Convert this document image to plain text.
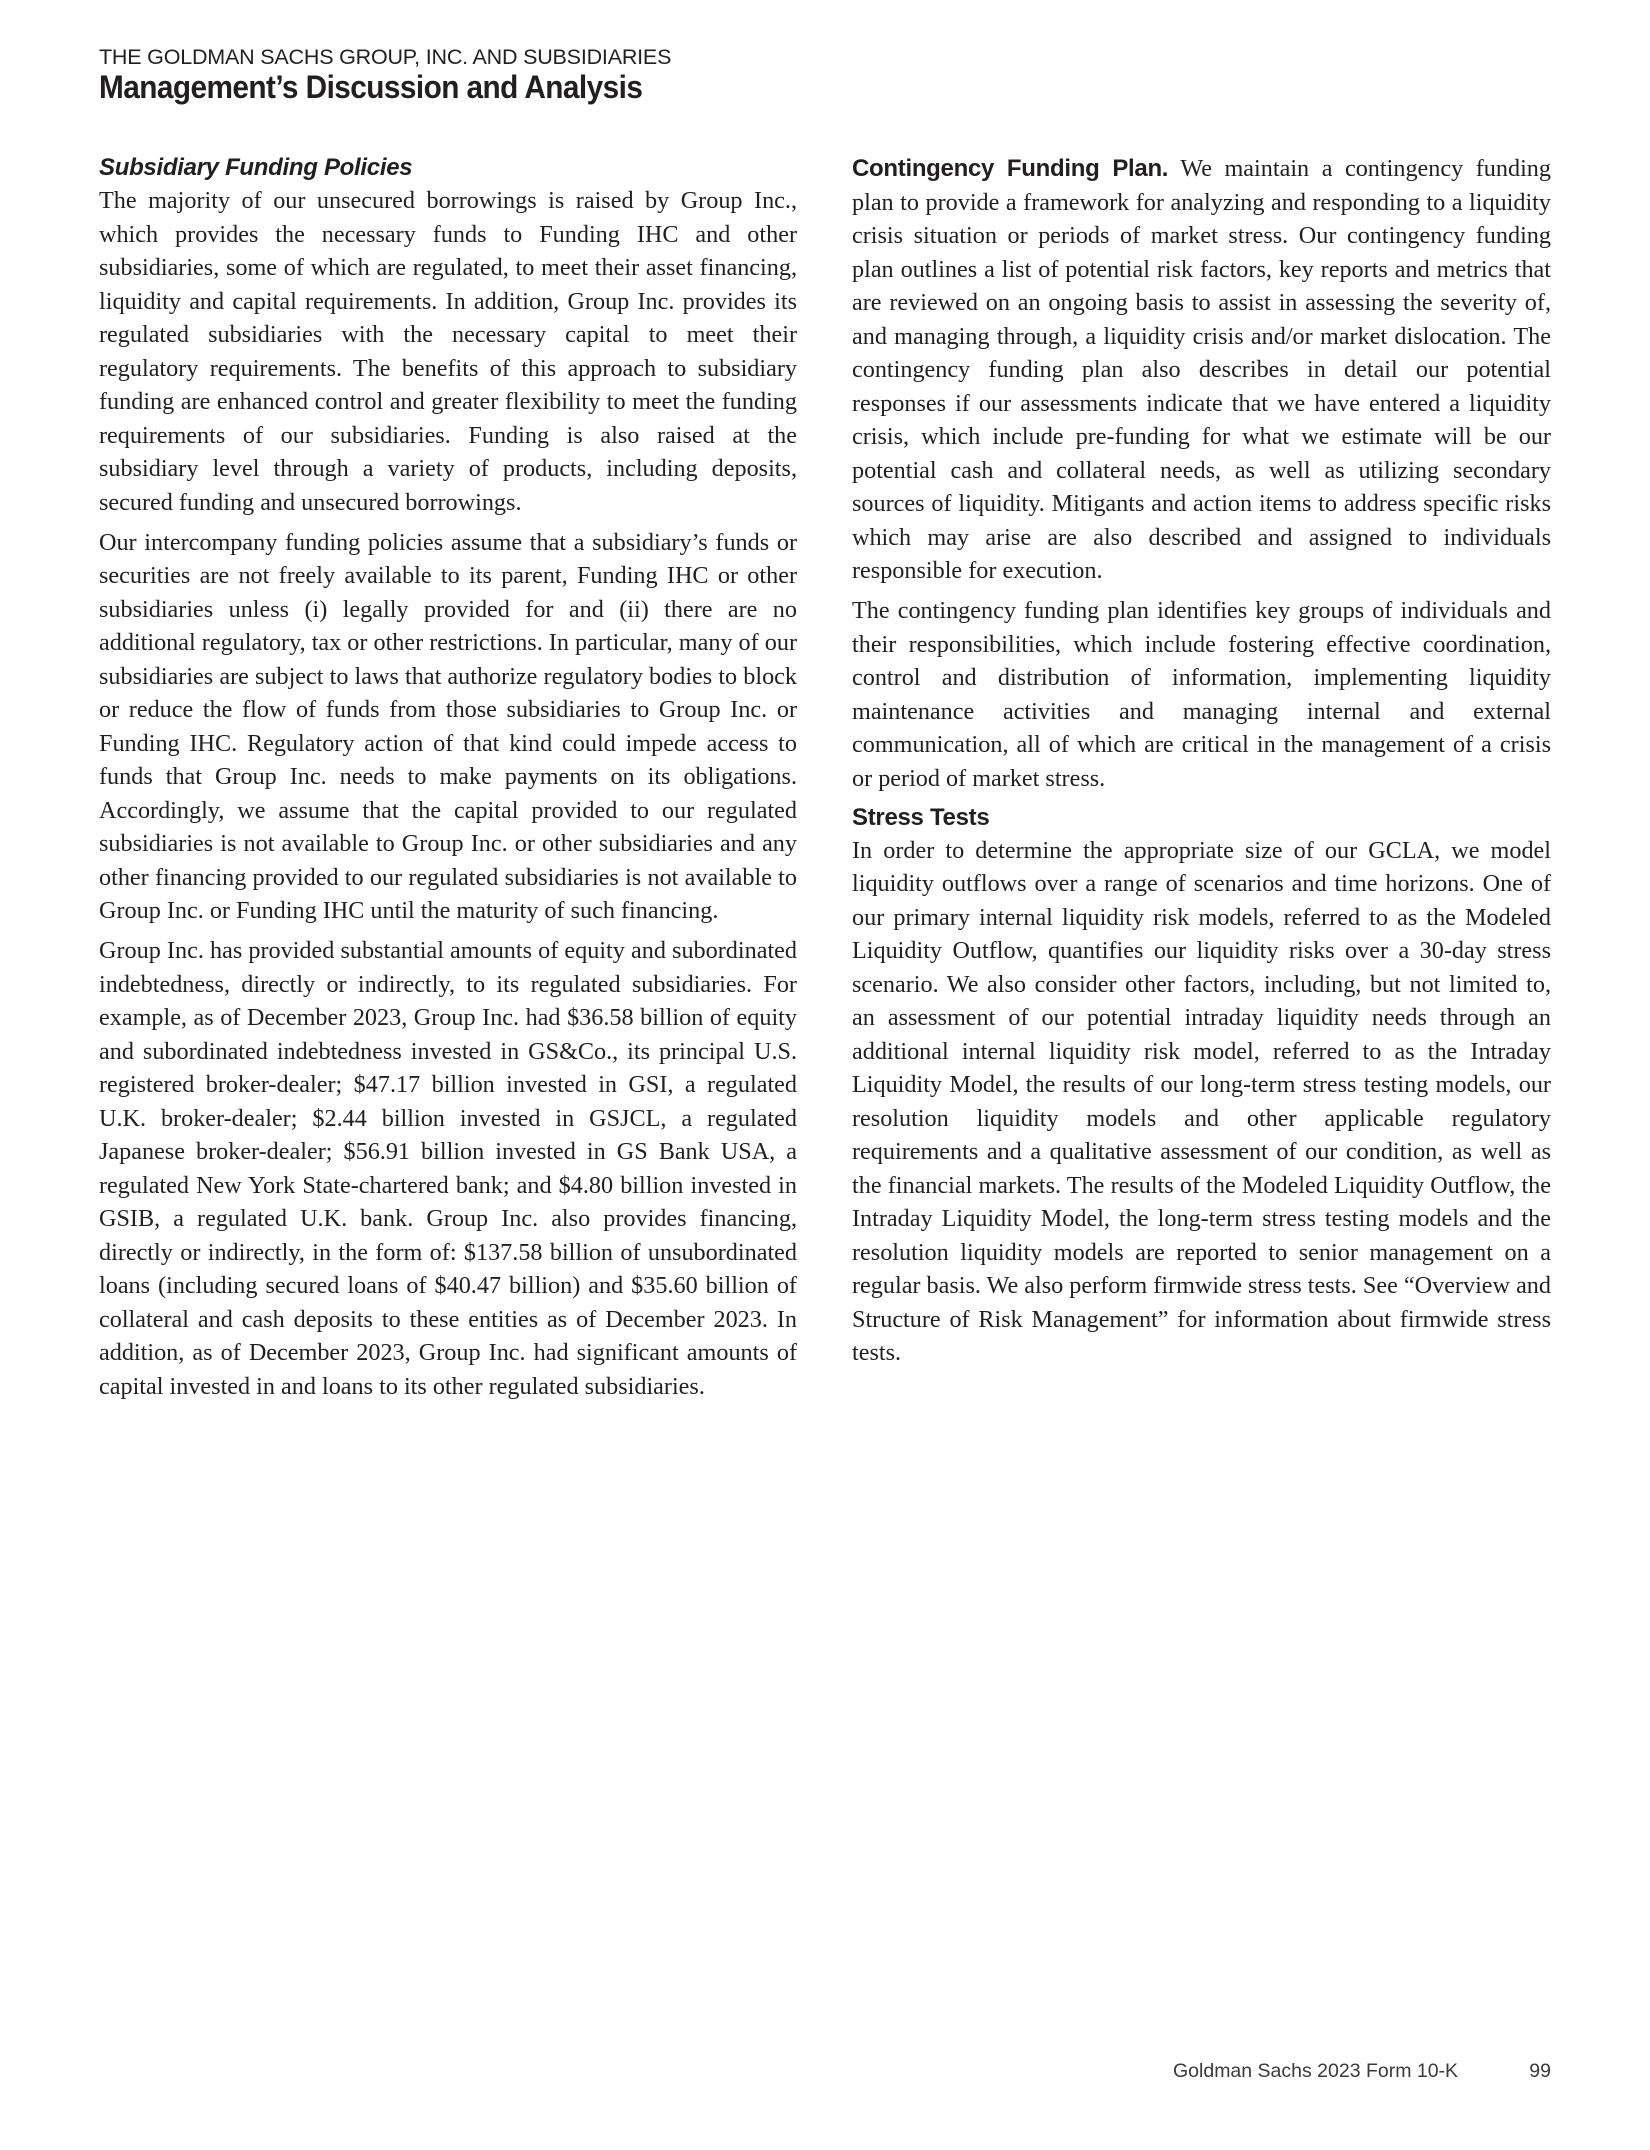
THE GOLDMAN SACHS GROUP, INC. AND SUBSIDIARIES
Management’s Discussion and Analysis
Subsidiary Funding Policies

The majority of our unsecured borrowings is raised by Group Inc., which provides the necessary funds to Funding IHC and other subsidiaries, some of which are regulated, to meet their asset financing, liquidity and capital requirements. In addition, Group Inc. provides its regulated subsidiaries with the necessary capital to meet their regulatory requirements. The benefits of this approach to subsidiary funding are enhanced control and greater flexibility to meet the funding requirements of our subsidiaries. Funding is also raised at the subsidiary level through a variety of products, including deposits, secured funding and unsecured borrowings.

Our intercompany funding policies assume that a subsidiary’s funds or securities are not freely available to its parent, Funding IHC or other subsidiaries unless (i) legally provided for and (ii) there are no additional regulatory, tax or other restrictions. In particular, many of our subsidiaries are subject to laws that authorize regulatory bodies to block or reduce the flow of funds from those subsidiaries to Group Inc. or Funding IHC. Regulatory action of that kind could impede access to funds that Group Inc. needs to make payments on its obligations. Accordingly, we assume that the capital provided to our regulated subsidiaries is not available to Group Inc. or other subsidiaries and any other financing provided to our regulated subsidiaries is not available to Group Inc. or Funding IHC until the maturity of such financing.

Group Inc. has provided substantial amounts of equity and subordinated indebtedness, directly or indirectly, to its regulated subsidiaries. For example, as of December 2023, Group Inc. had $36.58 billion of equity and subordinated indebtedness invested in GS&Co., its principal U.S. registered broker-dealer; $47.17 billion invested in GSI, a regulated U.K. broker-dealer; $2.44 billion invested in GSJCL, a regulated Japanese broker-dealer; $56.91 billion invested in GS Bank USA, a regulated New York State-chartered bank; and $4.80 billion invested in GSIB, a regulated U.K. bank. Group Inc. also provides financing, directly or indirectly, in the form of: $137.58 billion of unsubordinated loans (including secured loans of $40.47 billion) and $35.60 billion of collateral and cash deposits to these entities as of December 2023. In addition, as of December 2023, Group Inc. had significant amounts of capital invested in and loans to its other regulated subsidiaries.

Contingency Funding Plan. We maintain a contingency funding plan to provide a framework for analyzing and responding to a liquidity crisis situation or periods of market stress. Our contingency funding plan outlines a list of potential risk factors, key reports and metrics that are reviewed on an ongoing basis to assist in assessing the severity of, and managing through, a liquidity crisis and/or market dislocation. The contingency funding plan also describes in detail our potential responses if our assessments indicate that we have entered a liquidity crisis, which include pre-funding for what we estimate will be our potential cash and collateral needs, as well as utilizing secondary sources of liquidity. Mitigants and action items to address specific risks which may arise are also described and assigned to individuals responsible for execution.

The contingency funding plan identifies key groups of individuals and their responsibilities, which include fostering effective coordination, control and distribution of information, implementing liquidity maintenance activities and managing internal and external communication, all of which are critical in the management of a crisis or period of market stress.

Stress Tests

In order to determine the appropriate size of our GCLA, we model liquidity outflows over a range of scenarios and time horizons. One of our primary internal liquidity risk models, referred to as the Modeled Liquidity Outflow, quantifies our liquidity risks over a 30-day stress scenario. We also consider other factors, including, but not limited to, an assessment of our potential intraday liquidity needs through an additional internal liquidity risk model, referred to as the Intraday Liquidity Model, the results of our long-term stress testing models, our resolution liquidity models and other applicable regulatory requirements and a qualitative assessment of our condition, as well as the financial markets. The results of the Modeled Liquidity Outflow, the Intraday Liquidity Model, the long-term stress testing models and the resolution liquidity models are reported to senior management on a regular basis. We also perform firmwide stress tests. See “Overview and Structure of Risk Management” for information about firmwide stress tests.

Goldman Sachs 2023 Form 10-K	99
